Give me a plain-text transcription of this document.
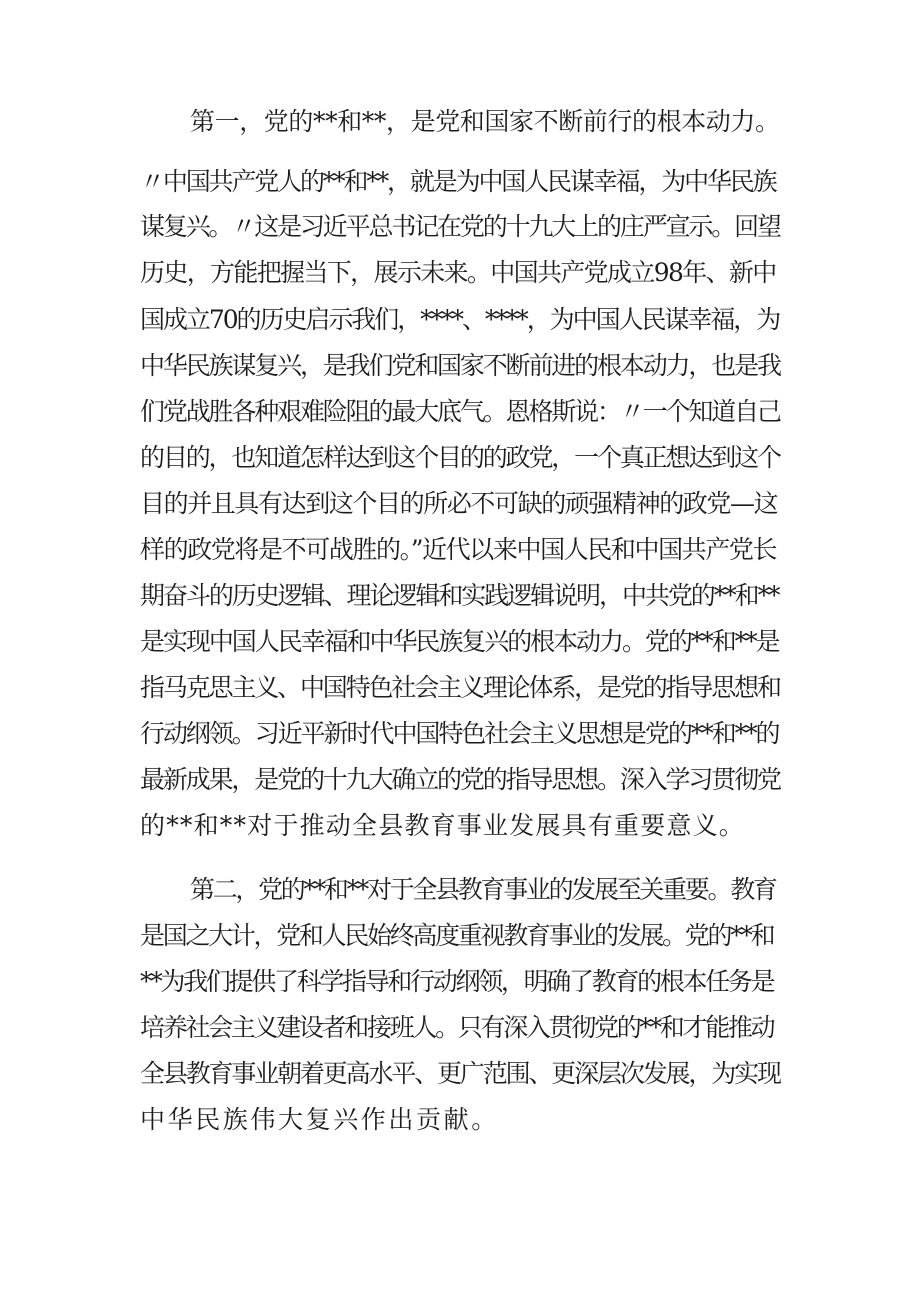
第一，党的**和**，是党和国家不断前行的根本动力。
〃中国共产党人的**和**，就是为中国人民谋幸福，为中华民族
谋复兴。〃这是习近平总书记在党的十九大上的庄严宣示。回望
历史，方能把握当下，展示未来。中国共产党成立98年、新中
国成立70的历史启示我们，****、****，为中国人民谋幸福，为
中华民族谋复兴，是我们党和国家不断前进的根本动力，也是我
们党战胜各种艰难险阻的最大底气。恩格斯说：〃一个知道自己
的目的，也知道怎样达到这个目的的政党，一个真正想达到这个
目的并且具有达到这个目的所必不可缺的顽强精神的政党—这
样的政党将是不可战胜的。”近代以来中国人民和中国共产党长
期奋斗的历史逻辑、理论逻辑和实践逻辑说明，中共党的**和**
是实现中国人民幸福和中华民族复兴的根本动力。党的**和**是
指马克思主义、中国特色社会主义理论体系，是党的指导思想和
行动纲领。习近平新时代中国特色社会主义思想是党的**和**的
最新成果，是党的十九大确立的党的指导思想。深入学习贯彻党
的**和**对于推动全县教育事业发展具有重要意义。
第二，党的**和**对于全县教育事业的发展至关重要。教育
是国之大计，党和人民始终高度重视教育事业的发展。党的**和
**为我们提供了科学指导和行动纲领，明确了教育的根本任务是
培养社会主义建设者和接班人。只有深入贯彻党的**和才能推动
全县教育事业朝着更高水平、更广范围、更深层次发展，为实现
中华民族伟大复兴作出贡献。
